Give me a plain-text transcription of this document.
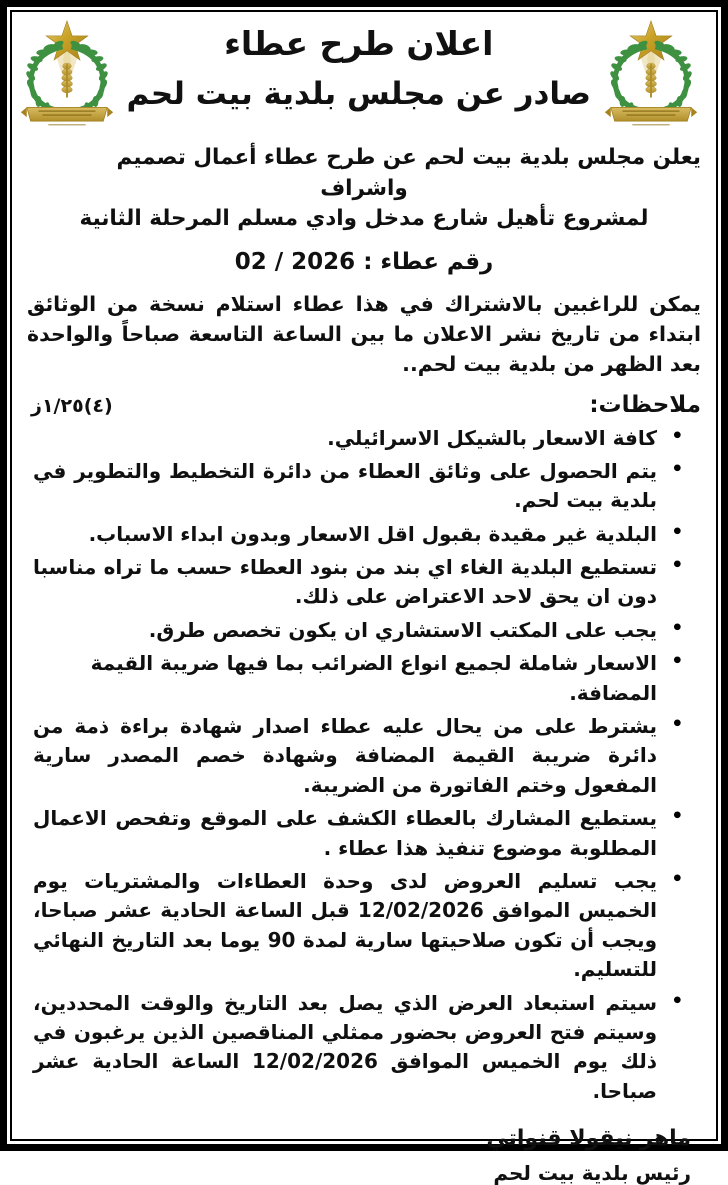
اعلان طرح عطاء
صادر عن مجلس بلدية بيت لحم
يعلن مجلس بلدية بيت لحم عن طرح عطاء أعمال تصميم واشراف
لمشروع تأهيل شارع مدخل وادي مسلم المرحلة الثانية
رقم عطاء : 02 / 2026
يمكن للراغبين بالاشتراك في هذا عطاء استلام نسخة من الوثائق ابتداء من تاريخ نشر الاعلان ما بين الساعة التاسعة صباحاً والواحدة بعد الظهر من بلدية بيت لحم..
ملاحظات:
(٤)١/٢٥ز
• كافة الاسعار بالشيكل الاسرائيلي.
• يتم الحصول على وثائق العطاء من دائرة التخطيط والتطوير في بلدية بيت لحم.
• البلدية غير مقيدة بقبول اقل الاسعار وبدون ابداء الاسباب.
• تستطيع البلدية الغاء اي بند من بنود العطاء حسب ما تراه مناسبا دون ان يحق لاحد الاعتراض على ذلك.
• يجب على المكتب الاستشاري ان يكون تخصص طرق.
• الاسعار شاملة لجميع انواع الضرائب بما فيها ضريبة القيمة المضافة.
• يشترط على من يحال عليه عطاء اصدار شهادة براءة ذمة من دائرة ضريبة القيمة المضافة وشهادة خصم المصدر سارية المفعول وختم الفاتورة من الضريبة.
• يستطيع المشارك بالعطاء الكشف على الموقع وتفحص الاعمال المطلوبة موضوع تنفيذ هذا عطاء .
• يجب تسليم العروض لدى وحدة العطاءات والمشتريات يوم الخميس الموافق 12/02/2026 قبل الساعة الحادية عشر صباحا، ويجب أن تكون صلاحيتها سارية لمدة 90 يوما بعد التاريخ النهائي للتسليم.
• سيتم استبعاد العرض الذي يصل بعد التاريخ والوقت المحددين، وسيتم فتح العروض بحضور ممثلي المناقصين الذين يرغبون في ذلك يوم الخميس الموافق 12/02/2026 الساعة الحادية عشر صباحا.
ماهر نيقولا قنواتي
رئيس بلدية بيت لحم
